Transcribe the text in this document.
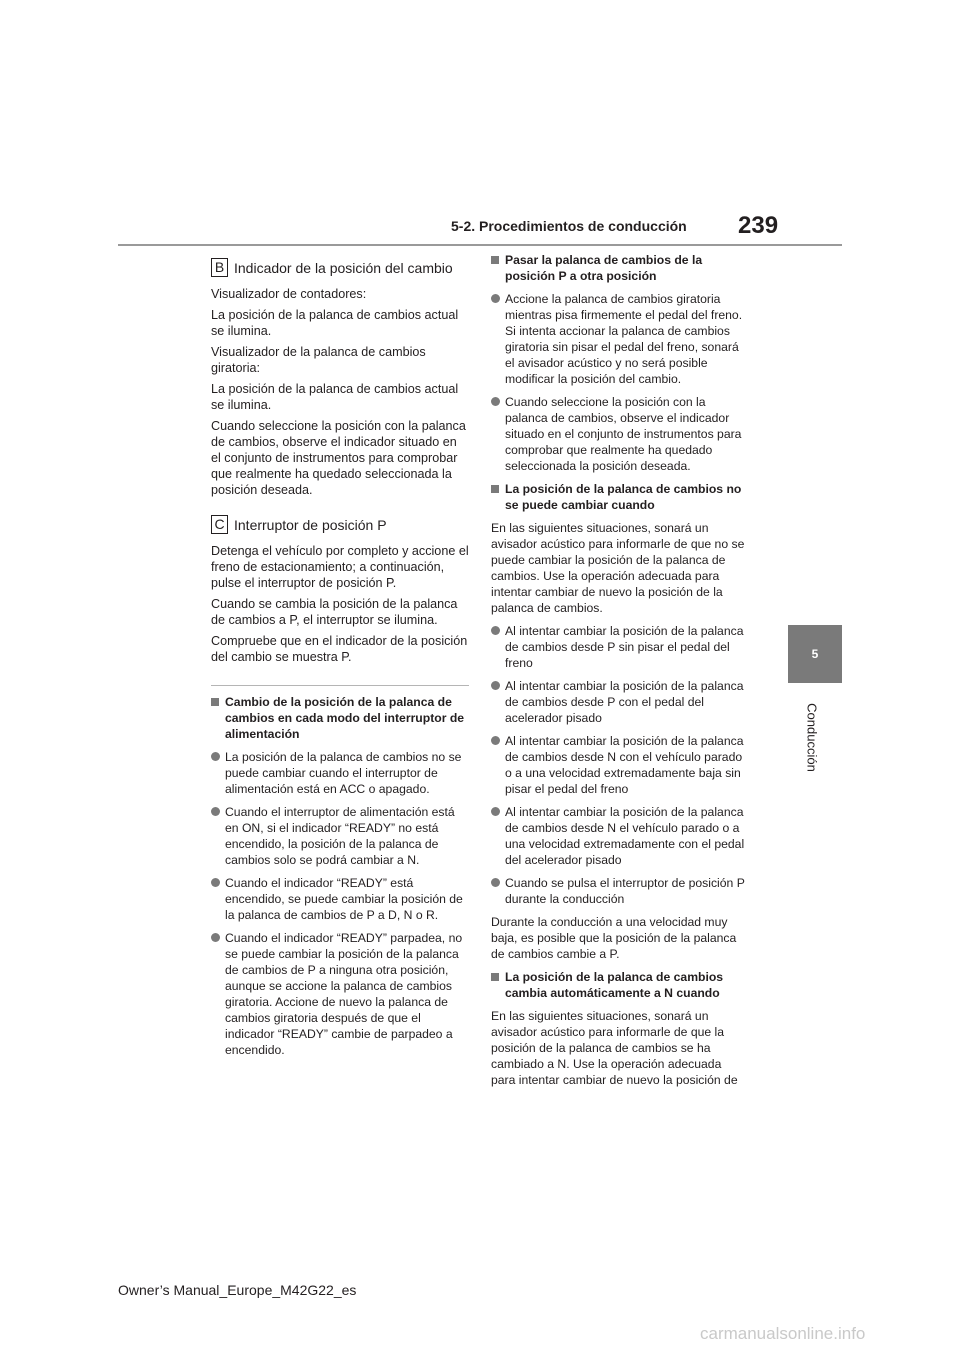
5-2. Procedimientos de conducción 239
5
Conducción
B Indicador de la posición del cambio

Visualizador de contadores:

La posición de la palanca de cambios actual se ilumina.

Visualizador de la palanca de cambios giratoria:

La posición de la palanca de cambios actual se ilumina.

Cuando seleccione la posición con la palanca de cambios, observe el indicador situado en el conjunto de instrumentos para comprobar que realmente ha quedado seleccionada la posición deseada.

C Interruptor de posición P

Detenga el vehículo por completo y accione el freno de estacionamiento; a continuación, pulse el interruptor de posición P.

Cuando se cambia la posición de la palanca de cambios a P, el interruptor se ilumina.

Compruebe que en el indicador de la posición del cambio se muestra P.

Cambio de la posición de la palanca de cambios en cada modo del interruptor de alimentación
La posición de la palanca de cambios no se puede cambiar cuando el interruptor de alimentación está en ACC o apagado.
Cuando el interruptor de alimentación está en ON, si el indicador “READY” no está encendido, la posición de la palanca de cambios solo se podrá cambiar a N.
Cuando el indicador “READY” está encendido, se puede cambiar la posición de la palanca de cambios de P a D, N o R.
Cuando el indicador “READY” parpadea, no se puede cambiar la posición de la palanca de cambios de P a ninguna otra posición, aunque se accione la palanca de cambios giratoria. Accione de nuevo la palanca de cambios giratoria después de que el indicador “READY” cambie de parpadeo a encendido.
Pasar la palanca de cambios de la posición P a otra posición
Accione la palanca de cambios giratoria mientras pisa firmemente el pedal del freno. Si intenta accionar la palanca de cambios giratoria sin pisar el pedal del freno, sonará el avisador acústico y no será posible modificar la posición del cambio.
Cuando seleccione la posición con la palanca de cambios, observe el indicador situado en el conjunto de instrumentos para comprobar que realmente ha quedado seleccionada la posición deseada.
La posición de la palanca de cambios no se puede cambiar cuando

En las siguientes situaciones, sonará un avisador acústico para informarle de que no se puede cambiar la posición de la palanca de cambios. Use la operación adecuada para intentar cambiar de nuevo la posición de la palanca de cambios.

Al intentar cambiar la posición de la palanca de cambios desde P sin pisar el pedal del freno
Al intentar cambiar la posición de la palanca de cambios desde P con el pedal del acelerador pisado
Al intentar cambiar la posición de la palanca de cambios desde N con el vehículo parado o a una velocidad extremadamente baja sin pisar el pedal del freno
Al intentar cambiar la posición de la palanca de cambios desde N el vehículo parado o a una velocidad extremadamente con el pedal del acelerador pisado
Cuando se pulsa el interruptor de posición P durante la conducción

Durante la conducción a una velocidad muy baja, es posible que la posición de la palanca de cambios cambie a P.

La posición de la palanca de cambios cambia automáticamente a N cuando

En las siguientes situaciones, sonará un avisador acústico para informarle de que la posición de la palanca de cambios se ha cambiado a N. Use la operación adecuada para intentar cambiar de nuevo la posición de

Owner’s Manual_Europe_M42G22_es
carmanualsonline.info
